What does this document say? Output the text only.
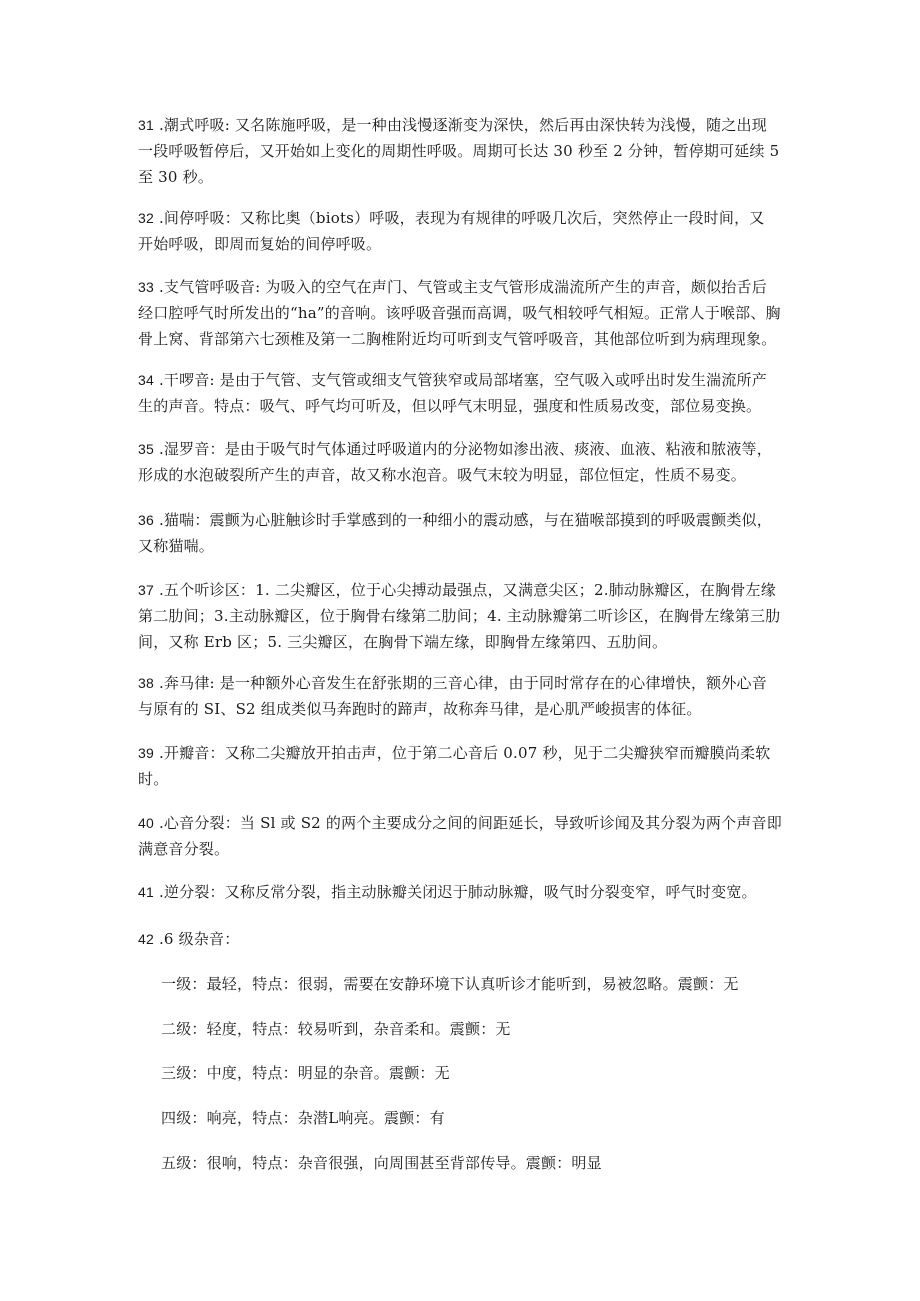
31 .潮式呼吸: 又名陈施呼吸，是一种由浅慢逐渐变为深快，然后再由深快转为浅慢，随之出现
一段呼吸暂停后，又开始如上变化的周期性呼吸。周期可长达 30 秒至 2 分钟，暂停期可延续 5
至 30 秒。
32 .间停呼吸：又称比奥（biots）呼吸，表现为有规律的呼吸几次后，突然停止一段时间，又
开始呼吸，即周而复始的间停呼吸。
33 .支气管呼吸音: 为吸入的空气在声门、气管或主支气管形成湍流所产生的声音，颇似抬舌后
经口腔呼气时所发出的“ha”的音响。该呼吸音强而高调，吸气相较呼气相短。正常人于喉部、胸
骨上窝、背部第六七颈椎及第一二胸椎附近均可听到支气管呼吸音，其他部位听到为病理现象。
34 .干啰音: 是由于气管、支气管或细支气管狭窄或局部堵塞，空气吸入或呼出时发生湍流所产
生的声音。特点：吸气、呼气均可听及，但以呼气末明显，强度和性质易改变，部位易变换。
35 .湿罗音：是由于吸气时气体通过呼吸道内的分泌物如渗出液、痰液、血液、粘液和脓液等，
形成的水泡破裂所产生的声音，故又称水泡音。吸气末较为明显，部位恒定，性质不易变。
36 .猫喘：震颤为心脏触诊时手掌感到的一种细小的震动感，与在猫喉部摸到的呼吸震颤类似，
又称猫喘。
37 .五个听诊区：1. 二尖瓣区，位于心尖搏动最强点，又满意尖区；2.肺动脉瓣区，在胸骨左缘
第二肋间；3.主动脉瓣区，位于胸骨右缘第二肋间；4. 主动脉瓣第二听诊区，在胸骨左缘第三肋
间，又称 Erb 区；5. 三尖瓣区，在胸骨下端左缘，即胸骨左缘第四、五肋间。
38 .奔马律: 是一种额外心音发生在舒张期的三音心律，由于同时常存在的心律增快，额外心音
与原有的 SI、S2 组成类似马奔跑时的蹄声，故称奔马律，是心肌严峻损害的体征。
39 .开瓣音：又称二尖瓣放开拍击声，位于第二心音后 0.07 秒，见于二尖瓣狭窄而瓣膜尚柔软
时。
40 .心音分裂：当 Sl 或 S2 的两个主要成分之间的间距延长，导致听诊闻及其分裂为两个声音即
满意音分裂。
41 .逆分裂：又称反常分裂，指主动脉瓣关闭迟于肺动脉瓣，吸气时分裂变窄，呼气时变宽。
42 .6 级杂音：
一级：最轻，特点：很弱，需要在安静环境下认真听诊才能听到，易被忽略。震颤：无
二级：轻度，特点：较易听到，杂音柔和。震颤：无
三级：中度，特点：明显的杂音。震颤：无
四级：响亮，特点：杂潜L响亮。震颤：有
五级：很响，特点：杂音很强，向周围甚至背部传导。震颤：明显
